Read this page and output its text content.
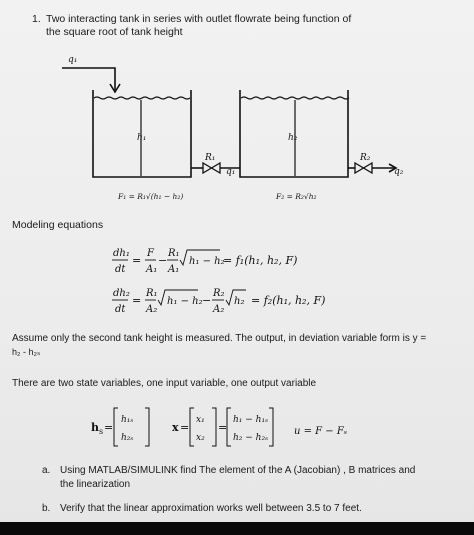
1. Two interacting tank in series with outlet flowrate being function of
the square root of tank height
q₁
h₁	h₂
R₁
q₁
R₂
q₂
F₁ = R₁√(h₁ − h₂)	F₂ = R₂√h₂
Modeling equations
dh₁
dt
=
F
A₁
−
R₁
A₁
h₁ − h₂
= f₁(h₁, h₂, F)
dh₂
dt
=
R₁
A₂
h₁ − h₂ −
R₂
A₂
h₂ = f₂(h₁, h₂, F)
Assume only the second tank height is measured. The output, in deviation variable form is y =
h₂ - h₂ₛ
There are two state variables, one input variable, one output variable
h s =
h₁ₛ
h₂ₛ
x =
x₁
x₂
=
h₁ − h₁ₛ
h₂ − h₂ₛ
u = F − Fₛ
a. Using MATLAB/SIMULINK find The element of the A (Jacobian) , B matrices and
the linearization
b. Verify that the linear approximation works well between 3.5 to 7 feet.
